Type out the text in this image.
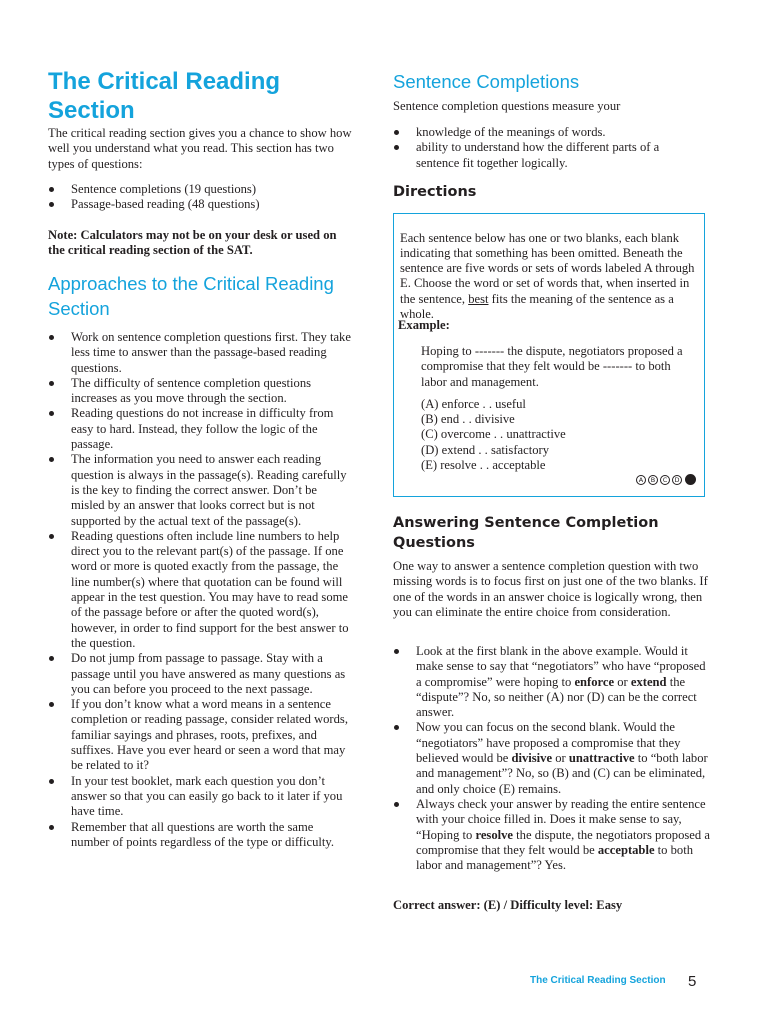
The Critical Reading
Section

The critical reading section gives you a chance to show how well you understand what you read. This section has two types of questions:

Sentence completions (19 questions)
Passage-based reading (48 questions)

Note: Calculators may not be on your desk or used on the critical reading section of the SAT.

Approaches to the Critical Reading
Section
Work on sentence completion questions first. They take less time to answer than the passage-based reading questions.
The difficulty of sentence completion questions increases as you move through the section.
Reading questions do not increase in difficulty from easy to hard. Instead, they follow the logic of the passage.
The information you need to answer each reading question is always in the passage(s). Reading carefully is the key to finding the correct answer. Don’t be misled by an answer that looks correct but is not supported by the actual text of the passage(s).
Reading questions often include line numbers to help direct you to the relevant part(s) of the passage. If one word or more is quoted exactly from the passage, the line number(s) where that quotation can be found will appear in the test question. You may have to read some of the passage before or after the quoted word(s), however, in order to find support for the best answer to the question.
Do not jump from passage to passage. Stay with a passage until you have answered as many questions as you can before you proceed to the next passage.
If you don’t know what a word means in a sentence completion or reading passage, consider related words, familiar sayings and phrases, roots, prefixes, and suffixes. Have you ever heard or seen a word that may be related to it?
In your test booklet, mark each question you don’t answer so that you can easily go back to it later if you have time.
Remember that all questions are worth the same number of points regardless of the type or difficulty.
Sentence Completions

Sentence completion questions measure your

knowledge of the meanings of words.
ability to understand how the different parts of a sentence fit together logically.
Directions

Each sentence below has one or two blanks, each blank indicating that something has been omitted. Beneath the sentence are five words or sets of words labeled A through E. Choose the word or set of words that, when inserted in the sentence, best fits the meaning of the sentence as a whole.

Example:

Hoping to ------- the dispute, negotiators proposed a compromise that they felt would be ------- to both labor and management.

(A) enforce . . useful
(B) end . . divisive
(C) overcome . . unattractive
(D) extend . . satisfactory
(E) resolve . . acceptable
A	B	C	D
Answering Sentence Completion
Questions

One way to answer a sentence completion question with two missing words is to focus first on just one of the two blanks. If one of the words in an answer choice is logically wrong, then you can eliminate the entire choice from consideration.

Look at the first blank in the above example. Would it make sense to say that “negotiators” who have “proposed a compromise” were hoping to enforce or extend the “dispute”? No, so neither (A) nor (D) can be the correct answer.
Now you can focus on the second blank. Would the “negotiators” have proposed a compromise that they believed would be divisive or unattractive to “both labor and management”? No, so (B) and (C) can be eliminated, and only choice (E) remains.
Always check your answer by reading the entire sentence with your choice filled in. Does it make sense to say, “Hoping to resolve the dispute, the negotiators proposed a compromise that they felt would be acceptable to both labor and management”? Yes.

Correct answer: (E) / Difficulty level: Easy

The Critical Reading Section	5
